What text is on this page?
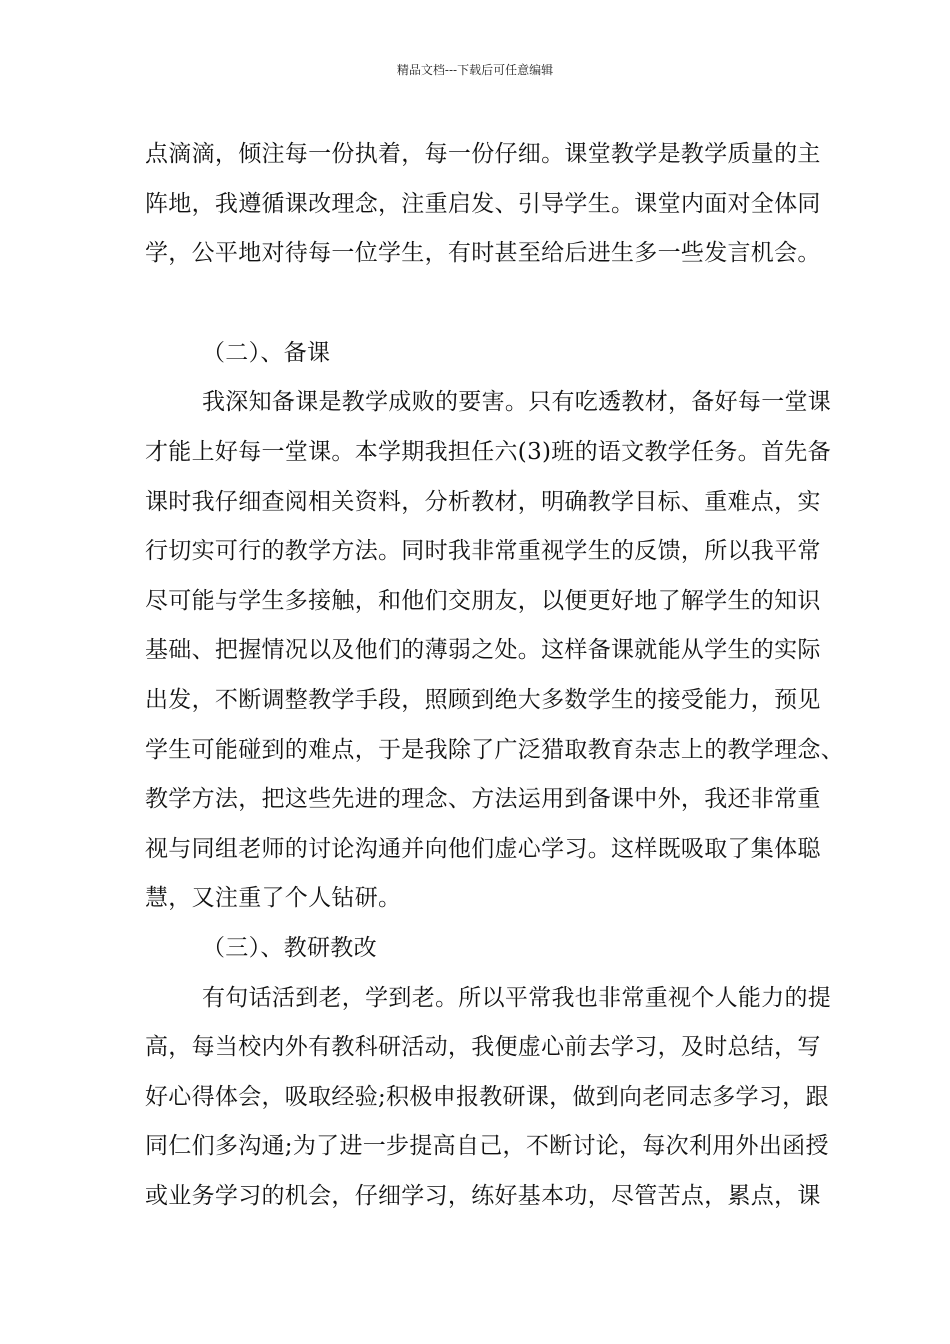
精品文档---下载后可任意编辑
点滴滴，倾注每一份执着，每一份仔细。课堂教学是教学质量的主
阵地，我遵循课改理念，注重启发、引导学生。课堂内面对全体同
学，公平地对待每一位学生，有时甚至给后进生多一些发言机会。
（二）、备课
我深知备课是教学成败的要害。只有吃透教材，备好每一堂课
才能上好每一堂课。本学期我担任六(3)班的语文教学任务。首先备
课时我仔细查阅相关资料，分析教材，明确教学目标、重难点，实
行切实可行的教学方法。同时我非常重视学生的反馈，所以我平常
尽可能与学生多接触，和他们交朋友，以便更好地了解学生的知识
基础、把握情况以及他们的薄弱之处。这样备课就能从学生的实际
出发，不断调整教学手段，照顾到绝大多数学生的接受能力，预见
学生可能碰到的难点，于是我除了广泛猎取教育杂志上的教学理念、
教学方法，把这些先进的理念、方法运用到备课中外，我还非常重
视与同组老师的讨论沟通并向他们虚心学习。这样既吸取了集体聪
慧，又注重了个人钻研。
（三）、教研教改
有句话活到老，学到老。所以平常我也非常重视个人能力的提
高，每当校内外有教科研活动，我便虚心前去学习，及时总结，写
好心得体会，吸取经验;积极申报教研课，做到向老同志多学习，跟
同仁们多沟通;为了进一步提高自己，不断讨论，每次利用外出函授
或业务学习的机会，仔细学习，练好基本功，尽管苦点，累点，课
